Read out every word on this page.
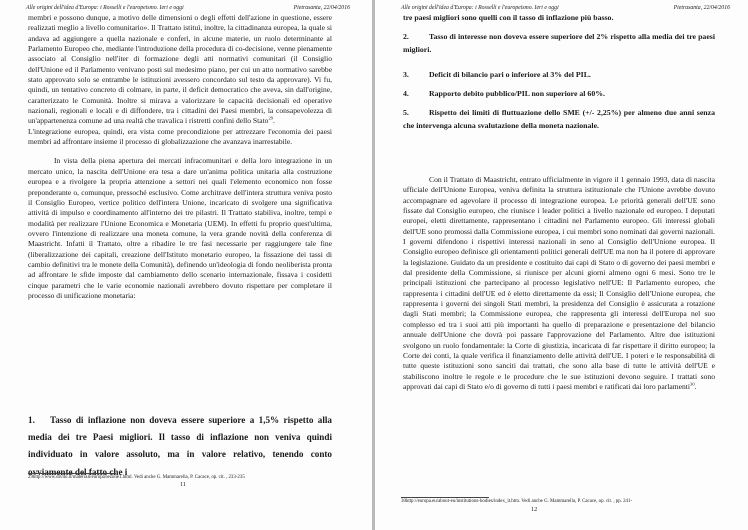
Alle origini dell'idea d'Europa: i Rosselli e l'europeismo. Ieri e oggi	Pietrasanta, 22/04/2016

membri e possono dunque, a motivo delle dimensioni o degli effetti dell'azione in questione, essere realizzati meglio a livello comunitario». Il Trattato istituì, inoltre, la cittadinanza europea, la quale si andava ad aggiungere a quella nazionale e conferì, in alcune materie, un ruolo determinante al Parlamento Europeo che, mediante l'introduzione della procedura di co-decisione, venne pienamente associato al Consiglio nell'iter di formazione degli atti normativi comunitari (il Consiglio dell'Unione ed il Parlamento venivano posti sul medesimo piano, per cui un atto normativo sarebbe stato approvato solo se entrambe le istituzioni avessero concordato sul testo da approvare). Vi fu, quindi, un tentativo concreto di colmare, in parte, il deficit democratico che aveva, sin dall'origine, caratterizzato le Comunità. Inoltre si mirava a valorizzare le capacità decisionali ed operative nazionali, regionali e locali e di diffondere, tra i cittadini dei Paesi membri, la consapevolezza di un'appartenenza comune ad una realtà che travalica i ristretti confini dello Stato$^{29}$.

L'integrazione europea, quindi, era vista come precondizione per attrezzare l'economia dei paesi membri ad affrontare insieme il processo di globalizzazione che avanzava inarrestabile.

In vista della piena apertura dei mercati infracomunitari e della loro integrazione in un mercato unico, la nascita dell'Unione era tesa a dare un'anima politica unitaria alla costruzione europea e a rivolgere la propria attenzione a settori nei quali l'elemento economico non fosse preponderante o, comunque, pressoché esclusivo. Come architrave dell'intera struttura veniva posto il Consiglio Europeo, vertice politico dell'intera Unione, incaricato di svolgere una significativa attività di impulso e coordinamento all'interno dei tre pilastri. Il Trattato stabiliva, inoltre, tempi e modalità per realizzare l'Unione Economica e Monetaria (UEM). In effetti fu proprio quest'ultima, ovvero l'intenzione di realizzare una moneta comune, la vera grande novità della conferenza di Maastricht. Infatti il Trattato, oltre a ribadire le tre fasi necessarie per raggiungere tale fine (liberalizzazione dei capitali, creazione dell'Istituto monetario europeo, la fissazione dei tassi di cambio definitivi tra le monete della Comunità), definendo un'ideologia di fondo neoliberista pronta ad affrontare le sfide imposte dal cambiamento dello scenario internazionale, fissava i cosidetti cinque parametri che le varie economie nazionali avrebbero dovuto rispettare per completare il processo di unificazione monetaria:

1. Tasso di inflazione non doveva essere superiore a 1,5% rispetto alla media dei tre Paesi migliori. Il tasso di inflazione non veniva quindi individuato in valore assoluto, ma in valore relativo, tenendo conto ovviamente del fatto che i
29http://www.divito.it/materiali/europa/lezone1.html. Vedi anche G. Mammarella, P. Cacace, op. cit. , 233-235
11
Alle origini dell'idea d'Europa: i Rosselli e l'europeismo. Ieri e oggi	Pietrasanta, 22/04/2016
tre paesi migliori sono quelli con il tasso di inflazione più basso.
2.	Tasso di interesse non doveva essere superiore del 2% rispetto alla media dei tre paesi migliori.
3.	Deficit di bilancio pari o inferiore al 3% del PIL.
4.	Rapporto debito pubblico/PIL non superiore al 60%.
5.	Rispetto dei limiti di fluttuazione dello SME (+/- 2,25%) per almeno due anni senza che intervenga alcuna svalutazione della moneta nazionale.

Con il Trattato di Maastricht, entrato ufficialmente in vigore il 1 gennaio 1993, data di nascita ufficiale dell'Unione Europea, veniva definita la struttura istituzionale che l'Unione avrebbe dovuto accompagnare ed agevolare il processo di integrazione europea. Le priorità generali dell'UE sono fissate dal Consiglio europeo, che riunisce i leader politici a livello nazionale ed europeo. I deputati europei, eletti direttamente, rappresentano i cittadini nel Parlamento europeo. Gli interessi globali dell'UE sono promossi dalla Commissione europea, i cui membri sono nominati dai governi nazionali. I governi difendono i rispettivi interessi nazionali in seno al Consiglio dell'Unione europea. Il Consiglio europeo definisce gli orientamenti politici generali dell'UE ma non ha il potere di approvare la legislazione. Guidato da un presidente e costituito dai capi di Stato o di governo dei paesi membri e dal presidente della Commissione, si riunisce per alcuni giorni almeno ogni 6 mesi. Sono tre le principali istituzioni che partecipano al processo legislativo nell'UE: Il Parlamento europeo, che rappresenta i cittadini dell'UE ed è eletto direttamente da essi; Il Consiglio dell'Unione europea, che rappresenta i governi dei singoli Stati membri, la presidenza del Consiglio è assicurata a rotazione dagli Stati membri; la Commissione europea, che rappresenta gli interessi dell'Europa nel suo complesso ed tra i suoi atti più importanti ha quello di preparazione e presentazione del bilancio annuale dell'Unione che dovrà poi passare l'approvazione del Parlamento. Altre due istituzioni svolgono un ruolo fondamentale: la Corte di giustizia, incaricata di far rispettare il diritto europeo; la Corte dei conti, la quale verifica il finanziamento delle attività dell'UE. I poteri e le responsabilità di tutte queste istituzioni sono sanciti dai trattati, che sono alla base di tutte le attività dell'UE e stabiliscono inoltre le regole e le procedure che le sue istituzioni devono seguire. I trattati sono approvati dai capi di Stato e/o di governo di tutti i paesi membri e ratificati dai loro parlamenti$^{30}$.

30http://europa.eu/about-eu/institutions-bodies/index_it.htm. Vedi anche G. Mammarella, P. Cacace, op. cit. , pp. 241-
12
